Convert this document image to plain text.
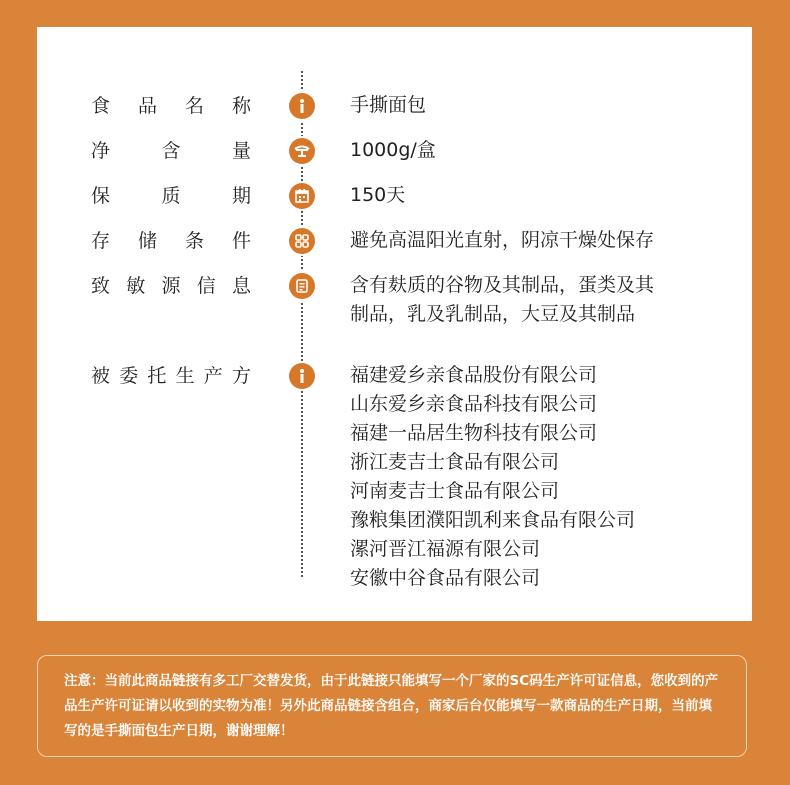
食 品 名 称	手撕面包
净	含	量	1000g/盒
保	质	期	150天
存 储 条 件	避免高温阳光直射，阴凉干燥处保存
致 敏 源 信 息	含有麸质的谷物及其制品，蛋类及其
制品，乳及乳制品，大豆及其制品
被 委 托 生 产 方	福建爱乡亲食品股份有限公司
山东爱乡亲食品科技有限公司
福建一品居生物科技有限公司
浙江麦吉士食品有限公司
河南麦吉士食品有限公司
豫粮集团濮阳凯利来食品有限公司
漯河晋江福源有限公司
安徽中谷食品有限公司
注意：当前此商品链接有多工厂交替发货，由于此链接只能填写一个厂家的SC码生产许可证信息，您收到的产品生产许可证请以收到的实物为准！另外此商品链接含组合，商家后台仅能填写一款商品的生产日期，当前填写的是手撕面包生产日期，谢谢理解！
